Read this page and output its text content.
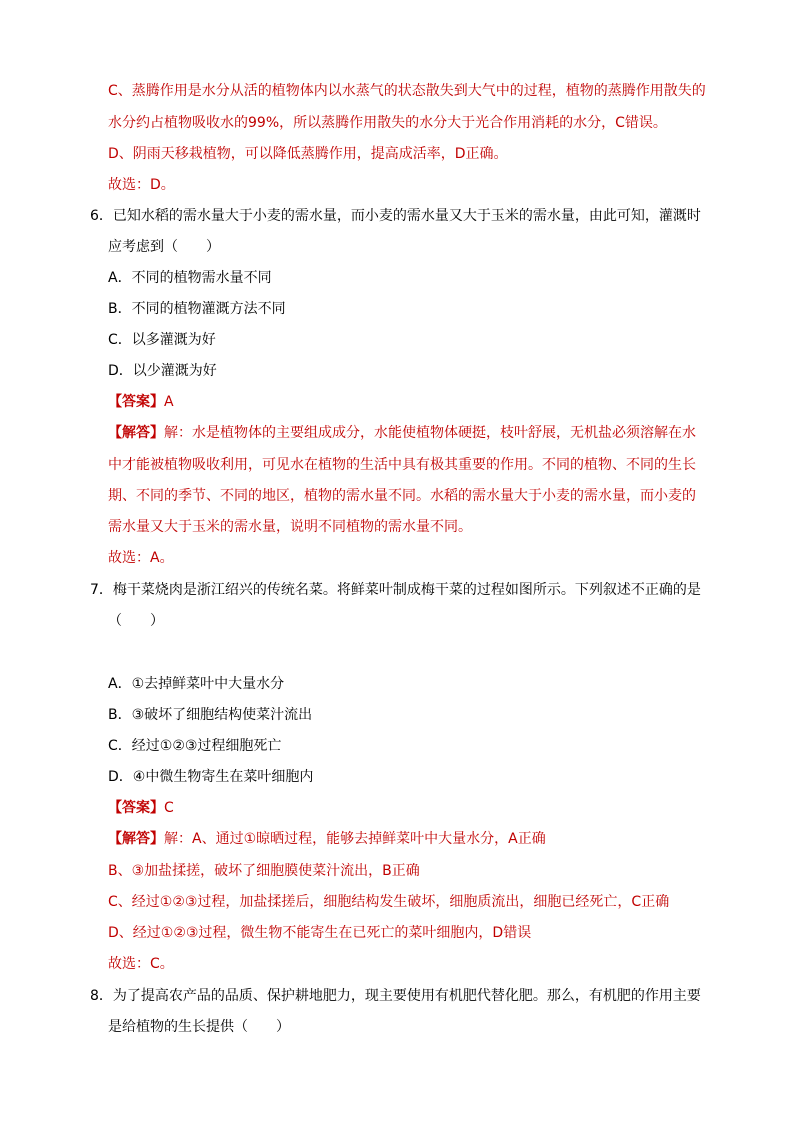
C、蒸腾作用是水分从活的植物体内以水蒸气的状态散失到大气中的过程，植物的蒸腾作用散失的
水分约占植物吸收水的99%，所以蒸腾作用散失的水分大于光合作用消耗的水分，C错误。
D、阴雨天移栽植物，可以降低蒸腾作用，提高成活率，D正确。
故选：D。
6．已知水稻的需水量大于小麦的需水量，而小麦的需水量又大于玉米的需水量，由此可知，灌溉时
应考虑到（　　）
A．不同的植物需水量不同
B．不同的植物灌溉方法不同
C．以多灌溉为好
D．以少灌溉为好
【答案】A
【解答】解：水是植物体的主要组成成分，水能使植物体硬挺，枝叶舒展，无机盐必须溶解在水
中才能被植物吸收利用，可见水在植物的生活中具有极其重要的作用。不同的植物、不同的生长
期、不同的季节、不同的地区，植物的需水量不同。水稻的需水量大于小麦的需水量，而小麦的
需水量又大于玉米的需水量，说明不同植物的需水量不同。
故选：A。
7．梅干菜烧肉是浙江绍兴的传统名菜。将鲜菜叶制成梅干菜的过程如图所示。下列叙述不正确的是
（　　）
A．①去掉鲜菜叶中大量水分
B．③破坏了细胞结构使菜汁流出
C．经过①②③过程细胞死亡
D．④中微生物寄生在菜叶细胞内
【答案】C
【解答】解：A、通过①晾晒过程，能够去掉鲜菜叶中大量水分，A正确
B、③加盐揉搓，破坏了细胞膜使菜汁流出，B正确
C、经过①②③过程，加盐揉搓后，细胞结构发生破坏，细胞质流出，细胞已经死亡，C正确
D、经过①②③过程，微生物不能寄生在已死亡的菜叶细胞内，D错误
故选：C。
8．为了提高农产品的品质、保护耕地肥力，现主要使用有机肥代替化肥。那么，有机肥的作用主要
是给植物的生长提供（　　）
